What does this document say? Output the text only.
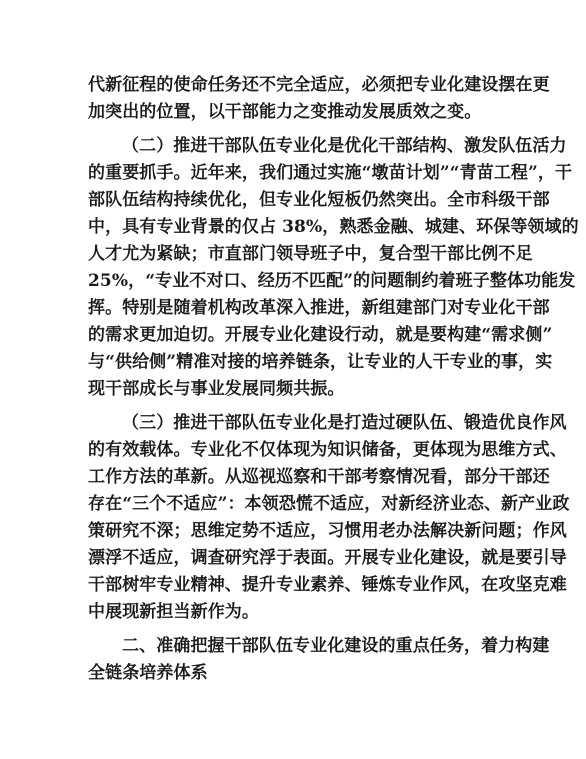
代新征程的使命任务还不完全适应，必须把专业化建设摆在更
加突出的位置，以干部能力之变推动发展质效之变。
（二）推进干部队伍专业化是优化干部结构、激发队伍活力
的重要抓手。近年来，我们通过实施“墩苗计划”“青苗工程”，干
部队伍结构持续优化，但专业化短板仍然突出。全市科级干部
中，具有专业背景的仅占 38%，熟悉金融、城建、环保等领域的
人才尤为紧缺；市直部门领导班子中，复合型干部比例不足
25%，“专业不对口、经历不匹配”的问题制约着班子整体功能发
挥。特别是随着机构改革深入推进，新组建部门对专业化干部
的需求更加迫切。开展专业化建设行动，就是要构建“需求侧”
与“供给侧”精准对接的培养链条，让专业的人干专业的事，实
现干部成长与事业发展同频共振。
（三）推进干部队伍专业化是打造过硬队伍、锻造优良作风
的有效载体。专业化不仅体现为知识储备，更体现为思维方式、
工作方法的革新。从巡视巡察和干部考察情况看，部分干部还
存在“三个不适应”：本领恐慌不适应，对新经济业态、新产业政
策研究不深；思维定势不适应，习惯用老办法解决新问题；作风
漂浮不适应，调查研究浮于表面。开展专业化建设，就是要引导
干部树牢专业精神、提升专业素养、锤炼专业作风，在攻坚克难
中展现新担当新作为。
二、准确把握干部队伍专业化建设的重点任务，着力构建
全链条培养体系
